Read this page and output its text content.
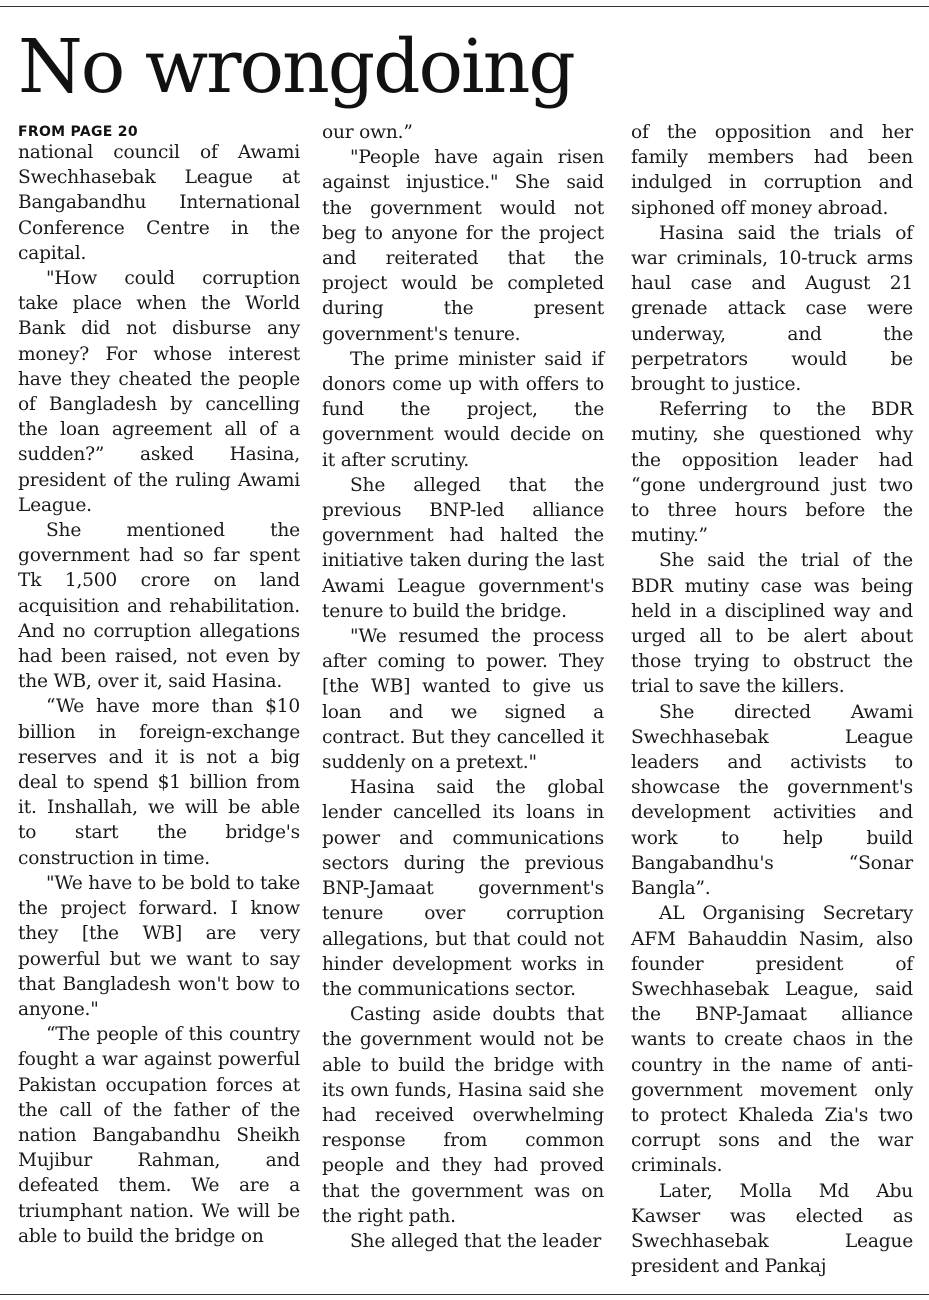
No wrongdoing
FROM PAGE 20

national council of Awami Swechhasebak League at Bangabandhu International Conference Centre in the capital.

"How could corruption take place when the World Bank did not disburse any money? For whose interest have they cheated the people of Bangladesh by cancelling the loan agreement all of a sudden?” asked Hasina, president of the ruling Awami League.

She mentioned the government had so far spent Tk 1,500 crore on land acquisition and rehabilitation. And no corruption allegations had been raised, not even by the WB, over it, said Hasina.

“We have more than $10 billion in foreign-exchange reserves and it is not a big deal to spend $1 billion from it. Inshallah, we will be able to start the bridge's construction in time.

"We have to be bold to take the project forward. I know they [the WB] are very powerful but we want to say that Bangladesh won't bow to anyone."

“The people of this country fought a war against powerful Pakistan occupation forces at the call of the father of the nation Bangabandhu Sheikh Mujibur Rahman, and defeated them. We are a triumphant nation. We will be able to build the bridge on

our own.”

"People have again risen against injustice." She said the government would not beg to anyone for the project and reiterated that the project would be completed during the present government's tenure.

The prime minister said if donors come up with offers to fund the project, the government would decide on it after scrutiny.

She alleged that the previous BNP-led alliance government had halted the initiative taken during the last Awami League government's tenure to build the bridge.

"We resumed the process after coming to power. They [the WB] wanted to give us loan and we signed a contract. But they cancelled it suddenly on a pretext."

Hasina said the global lender cancelled its loans in power and communications sectors during the previous BNP-Jamaat government's tenure over corruption allegations, but that could not hinder development works in the communications sector.

Casting aside doubts that the government would not be able to build the bridge with its own funds, Hasina said she had received overwhelming response from common people and they had proved that the government was on the right path.

She alleged that the leader

of the opposition and her family members had been indulged in corruption and siphoned off money abroad.

Hasina said the trials of war criminals, 10-truck arms haul case and August 21 grenade attack case were underway, and the perpetrators would be brought to justice.

Referring to the BDR mutiny, she questioned why the opposition leader had “gone underground just two to three hours before the mutiny.”

She said the trial of the BDR mutiny case was being held in a disciplined way and urged all to be alert about those trying to obstruct the trial to save the killers.

She directed Awami Swechhasebak League leaders and activists to showcase the government's development activities and work to help build Bangabandhu's “Sonar Bangla”.

AL Organising Secretary AFM Bahauddin Nasim, also founder president of Swechhasebak League, said the BNP-Jamaat alliance wants to create chaos in the country in the name of anti-government movement only to protect Khaleda Zia's two corrupt sons and the war criminals.

Later, Molla Md Abu Kawser was elected as Swechhasebak League president and Pankaj
